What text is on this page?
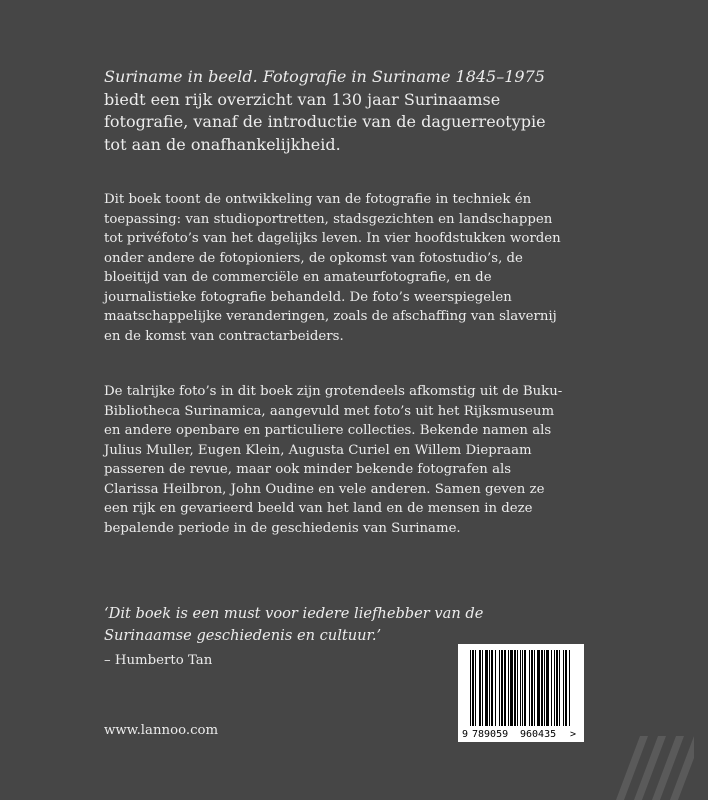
Suriname in beeld. Fotografie in Suriname 1845–1975
biedt een rijk overzicht van 130 jaar Surinaamse fotografie, vanaf de introductie van de daguerreotypie tot aan de onafhankelijkheid.
Dit boek toont de ontwikkeling van de fotografie in techniek én toepassing: van studioportretten, stadsgezichten en landschappen tot privéfoto’s van het dagelijks leven. In vier hoofdstukken worden onder andere de fotopioniers, de opkomst van fotostudio’s, de bloeitijd van de commerciële en amateurfotografie, en de journalistieke fotografie behandeld. De foto’s weerspiegelen maatschappelijke veranderingen, zoals de afschaffing van slavernij en de komst van contractarbeiders.
De talrijke foto’s in dit boek zijn grotendeels afkomstig uit de Buku-Bibliotheca Surinamica, aangevuld met foto’s uit het Rijksmuseum en andere openbare en particuliere collecties. Bekende namen als Julius Muller, Eugen Klein, Augusta Curiel en Willem Diepraam passeren de revue, maar ook minder bekende fotografen als Clarissa Heilbron, John Oudine en vele anderen. Samen geven ze een rijk en gevarieerd beeld van het land en de mensen in deze bepalende periode in de geschiedenis van Suriname.
‘Dit boek is een must voor iedere liefhebber van de Surinaamse geschiedenis en cultuur.’
– Humberto Tan
www.lannoo.com	9 789059 960435 >
